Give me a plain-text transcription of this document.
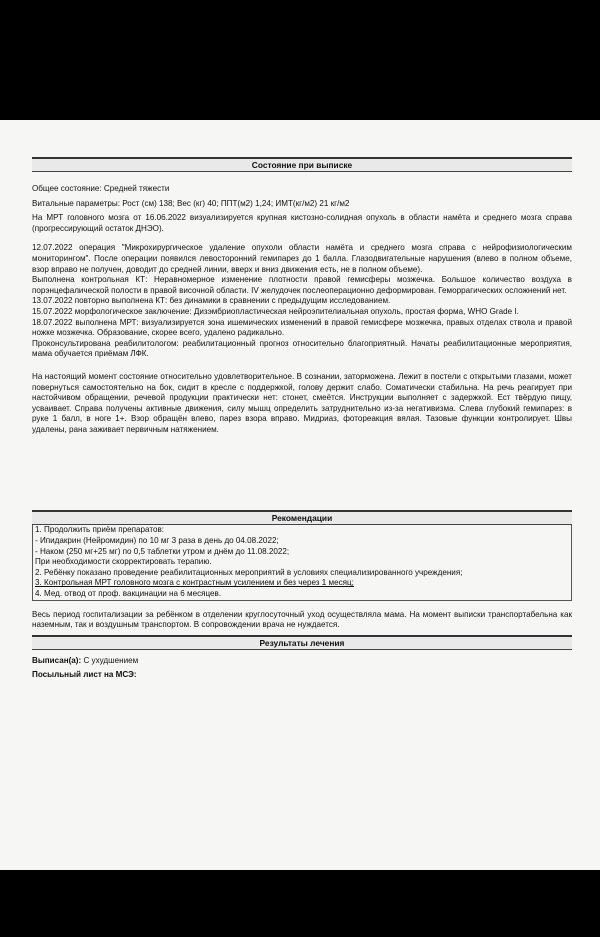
Состояние при выписке

Общее состояние: Средней тяжести

Витальные параметры: Рост (см) 138; Вес (кг) 40; ППТ(м2) 1,24; ИМТ(кг/м2) 21 кг/м2

На МРТ головного мозга от 16.06.2022 визуализируется крупная кистозно-солидная опухоль в области намёта и среднего мозга справа (прогрессирующий остаток ДНЭО).

12.07.2022 операция "Микрохирургическое удаление опухоли области намёта и среднего мозга справа с нейрофизиологическим мониторингом". После операции появился левосторонний гемипарез до 1 балла. Глазодвигательные нарушения (влево в полном объеме, взор вправо не получен, доводит до средней линии, вверх и вниз движения есть, не в полном объеме).

Выполнена контрольная КТ: Неравномерное изменение плотности правой гемисферы мозжечка. Большое количество воздуха в порэнцефалической полости в правой височной области. IV желудочек послеоперационно деформирован. Геморрагических осложнений нет.

13.07.2022 повторно выполнена КТ: без динамики в сравнении с предыдущим исследованием.

15.07.2022 морфологическое заключение: Дизэмбриопластическая нейроэпителиальная опухоль, простая форма, WHO Grade I.

18.07.2022 выполнена МРТ: визуализируется зона ишемических изменений в правой гемисфере мозжечка, правых отделах ствола и правой ножке мозжечка. Образование, скорее всего, удалено радикально.

Проконсультирована реабилитологом: реабилитационный прогноз относительно благоприятный. Начаты реабилитационные мероприятия, мама обучается приёмам ЛФК.

На настоящий момент состояние относительно удовлетворительное. В сознании, заторможена. Лежит в постели с открытыми глазами, может повернуться самостоятельно на бок, сидит в кресле с поддержкой, голову держит слабо. Соматически стабильна. На речь реагирует при настойчивом обращении, речевой продукции практически нет: стонет, смеётся. Инструкции выполняет с задержкой. Ест твёрдую пищу, усваивает. Справа получены активные движения, силу мышц определить затруднительно из-за негативизма. Слева глубокий гемипарез: в руке 1 балл, в ноге 1+. Взор обращён влево, парез взора вправо. Мидриаз, фотореакция вялая. Тазовые функции контролирует. Швы удалены, рана заживает первичным натяжением.

Рекомендации

1. Продолжить приём препаратов:

- Ипидакрин (Нейромидин) по 10 мг 3 раза в день до 04.08.2022;

- Наком (250 мг+25 мг) по 0,5 таблетки утром и днём до 11.08.2022;

При необходимости скорректировать терапию.

2. Ребёнку показано проведение реабилитационных мероприятий в условиях специализированного учреждения;

3. Контрольная МРТ головного мозга с контрастным усилением и без через 1 месяц;

4. Мед. отвод от проф. вакцинации на 6 месяцев.

Весь период госпитализации за ребёнком в отделении круглосуточный уход осуществляла мама. На момент выписки транспортабельна как наземным, так и воздушным транспортом. В сопровождении врача не нуждается.

Результаты лечения

Выписан(а): С ухудшением

Посыльный лист на МСЭ:
